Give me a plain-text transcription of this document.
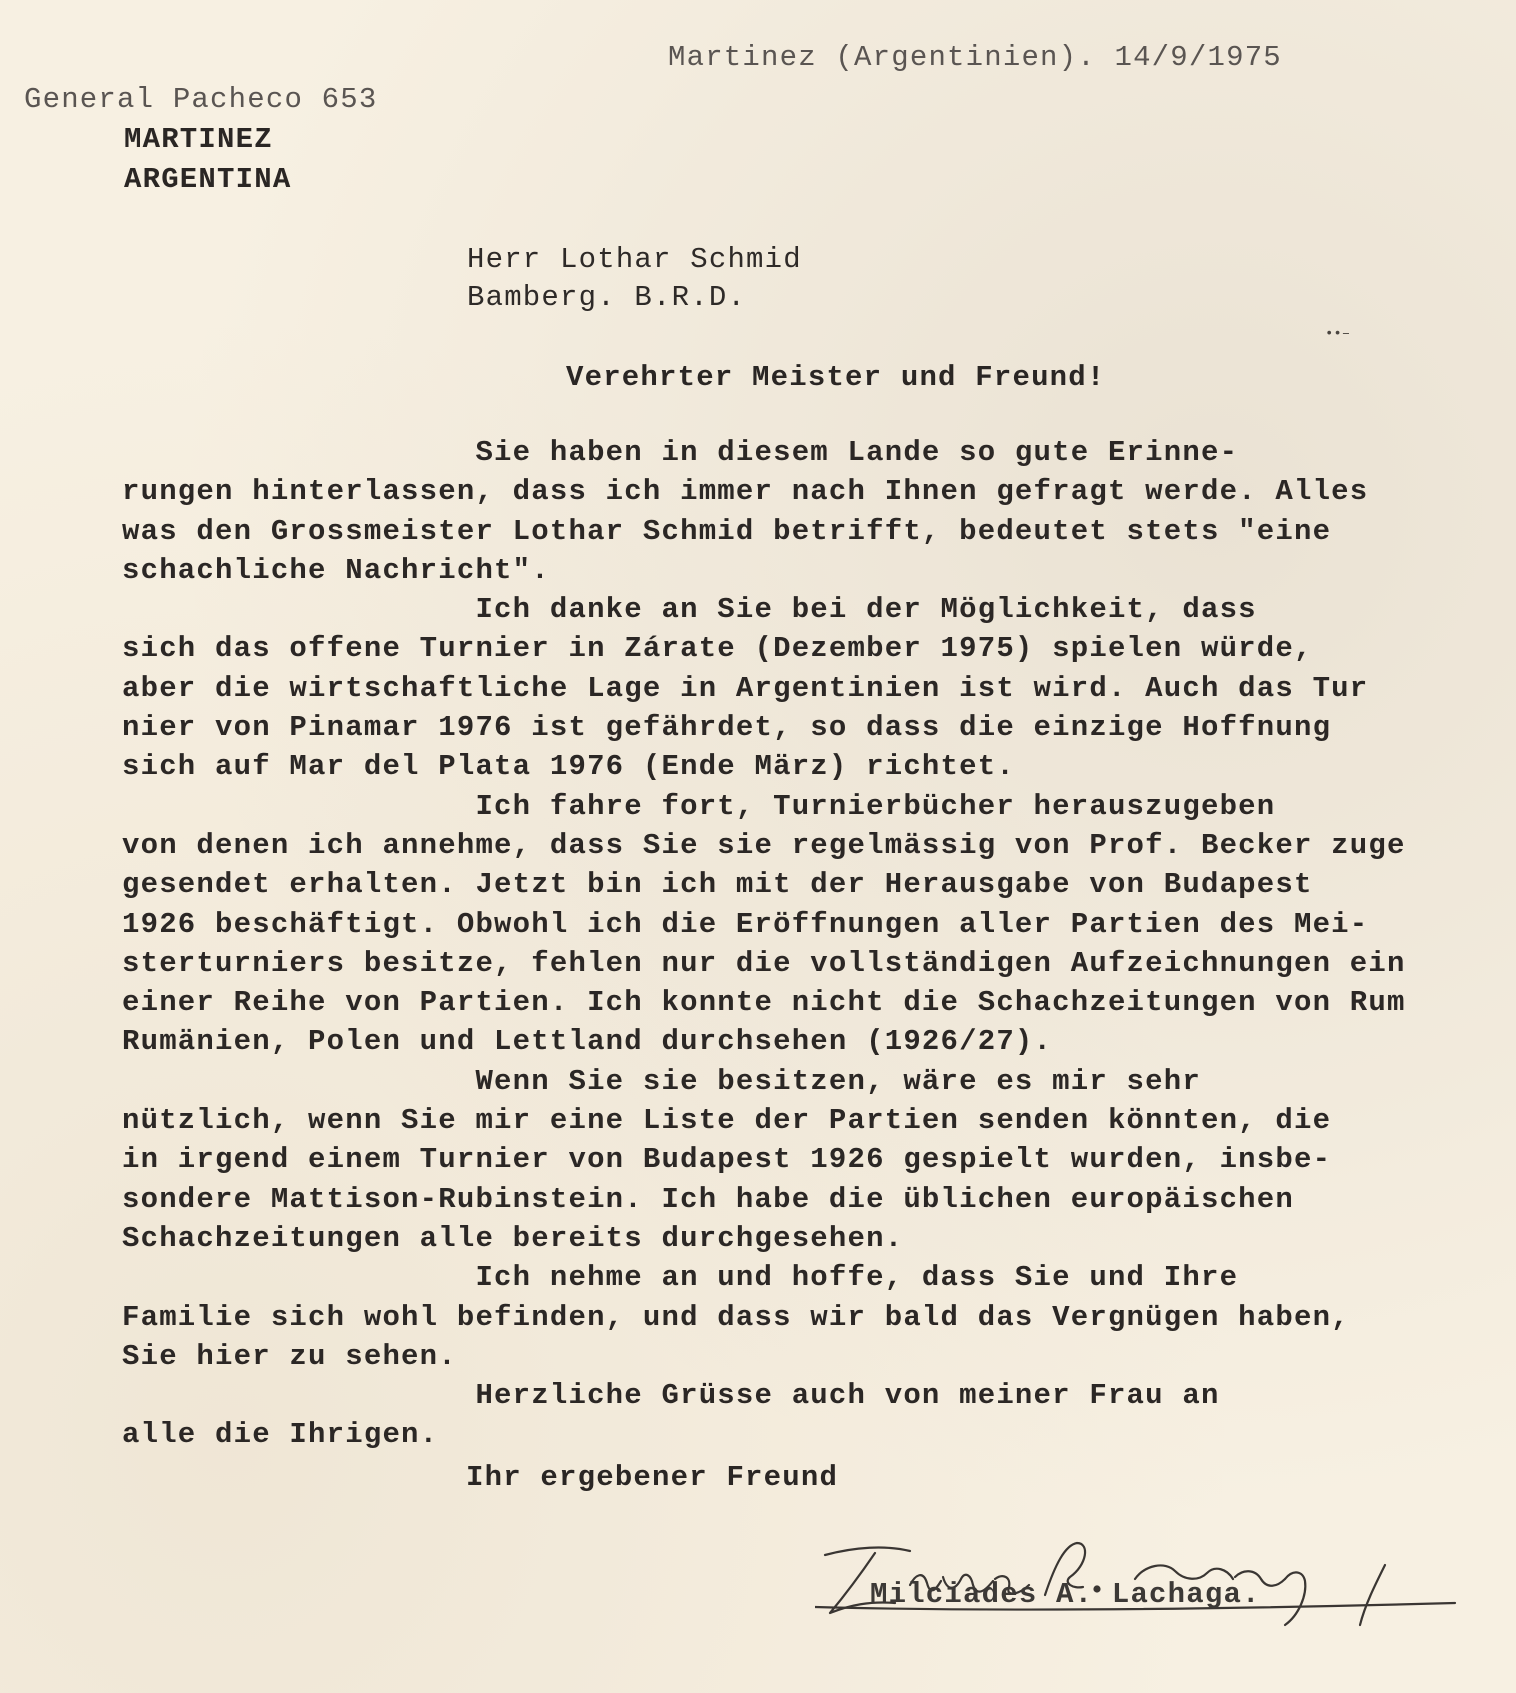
Martinez (Argentinien). 14/9/1975
General Pacheco 653
MARTINEZ
ARGENTINA
Herr Lothar Schmid
Bamberg. B.R.D.
••–
Verehrter Meister und Freund!
Sie haben in diesem Lande so gute Erinne-
rungen hinterlassen, dass ich immer nach Ihnen gefragt werde. Alles
was den Grossmeister Lothar Schmid betrifft, bedeutet stets "eine
schachliche Nachricht".
Ich danke an Sie bei der Möglichkeit, dass
sich das offene Turnier in Zárate (Dezember 1975) spielen würde,
aber die wirtschaftliche Lage in Argentinien ist wird. Auch das Tur
nier von Pinamar 1976 ist gefährdet, so dass die einzige Hoffnung
sich auf Mar del Plata 1976 (Ende März) richtet.
Ich fahre fort, Turnierbücher herauszugeben
von denen ich annehme, dass Sie sie regelmässig von Prof. Becker zuge
gesendet erhalten. Jetzt bin ich mit der Herausgabe von Budapest
1926 beschäftigt. Obwohl ich die Eröffnungen aller Partien des Mei-
sterturniers besitze, fehlen nur die vollständigen Aufzeichnungen ein
einer Reihe von Partien. Ich konnte nicht die Schachzeitungen von Rum
Rumänien, Polen und Lettland durchsehen (1926/27).
Wenn Sie sie besitzen, wäre es mir sehr
nützlich, wenn Sie mir eine Liste der Partien senden könnten, die
in irgend einem Turnier von Budapest 1926 gespielt wurden, insbe-
sondere Mattison-Rubinstein. Ich habe die üblichen europäischen
Schachzeitungen alle bereits durchgesehen.
Ich nehme an und hoffe, dass Sie und Ihre
Familie sich wohl befinden, und dass wir bald das Vergnügen haben,
Sie hier zu sehen.
Herzliche Grüsse auch von meiner Frau an
alle die Ihrigen.
Ihr ergebener Freund
Milciades A. Lachaga.
